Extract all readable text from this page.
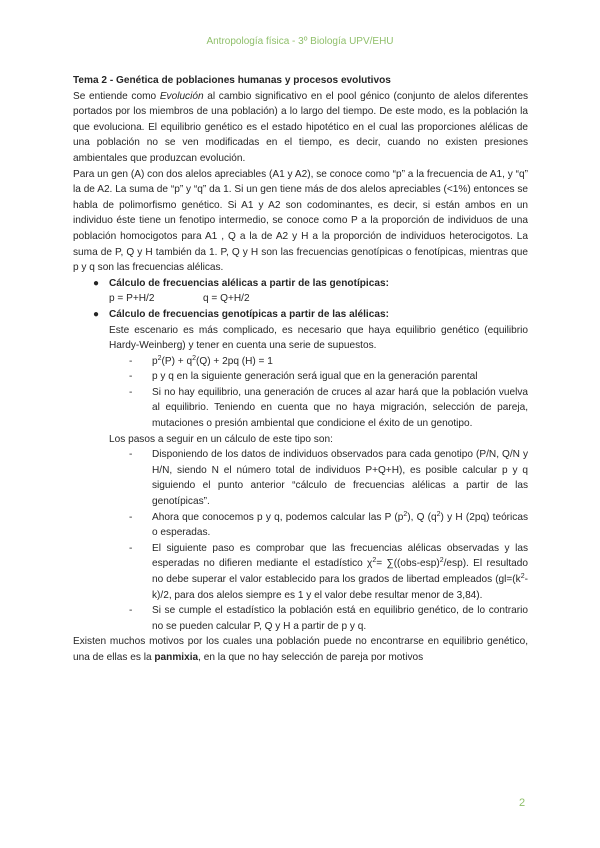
Antropología física - 3º Biología UPV/EHU

Tema 2 - Genética de poblaciones humanas y procesos evolutivos

Se entiende como Evolución al cambio significativo en el pool génico (conjunto de alelos diferentes portados por los miembros de una población) a lo largo del tiempo. De este modo, es la población la que evoluciona. El equilibrio genético es el estado hipotético en el cual las proporciones alélicas de una población no se ven modificadas en el tiempo, es decir, cuando no existen presiones ambientales que produzcan evolución.

Para un gen (A) con dos alelos apreciables (A1 y A2), se conoce como “p” a la frecuencia de A1, y “q” la de A2. La suma de “p” y “q” da 1. Si un gen tiene más de dos alelos apreciables (<1%) entonces se habla de polimorfismo genético. Si A1 y A2 son codominantes, es decir, si están ambos en un individuo éste tiene un fenotipo intermedio, se conoce como P a la proporción de individuos de una población homocigotos para A1 , Q a la de A2 y H a la proporción de individuos heterocigotos. La suma de P, Q y H también da 1. P, Q y H son las frecuencias genotípicas o fenotípicas, mientras que p y q son las frecuencias alélicas.

● Cálculo de frecuencias alélicas a partir de las genotípicas:
p = P+H/2	q = Q+H/2
● Cálculo de frecuencias genotípicas a partir de las alélicas:

Este escenario es más complicado, es necesario que haya equilibrio genético (equilibrio Hardy-Weinberg) y tener en cuenta una serie de supuestos.

-	$p^2(P) + q^2(Q) + 2pq$ (H) = 1
-	p y q en la siguiente generación será igual que en la generación parental
-	Si no hay equilibrio, una generación de cruces al azar hará que la población vuelva al equilibrio. Teniendo en cuenta que no haya migración, selección de pareja, mutaciones o presión ambiental que condicione el éxito de un genotipo.

Los pasos a seguir en un cálculo de este tipo son:

-	Disponiendo de los datos de individuos observados para cada genotipo (P/N, Q/N y H/N, siendo N el número total de individuos P+Q+H), es posible calcular p y q siguiendo el punto anterior “cálculo de frecuencias alélicas a partir de las genotípicas”.
-	Ahora que conocemos p y q, podemos calcular las P $(p^2)$, Q $(q^2)$ y H (2pq) teóricas o esperadas.
-	El siguiente paso es comprobar que las frecuencias alélicas observadas y las esperadas no difieren mediante el estadístico $\chi^2= \sum((obs-esp)^2/esp)$. El resultado no debe superar el valor establecido para los grados de libertad empleados ($gl=(k^2-k)/2$, para dos alelos siempre es 1 y el valor debe resultar menor de 3,84).
-	Si se cumple el estadístico la población está en equilibrio genético, de lo contrario no se pueden calcular P, Q y H a partir de p y q.

Existen muchos motivos por los cuales una población puede no encontrarse en equilibrio genético, una de ellas es la panmixia, en la que no hay selección de pareja por motivos

2
